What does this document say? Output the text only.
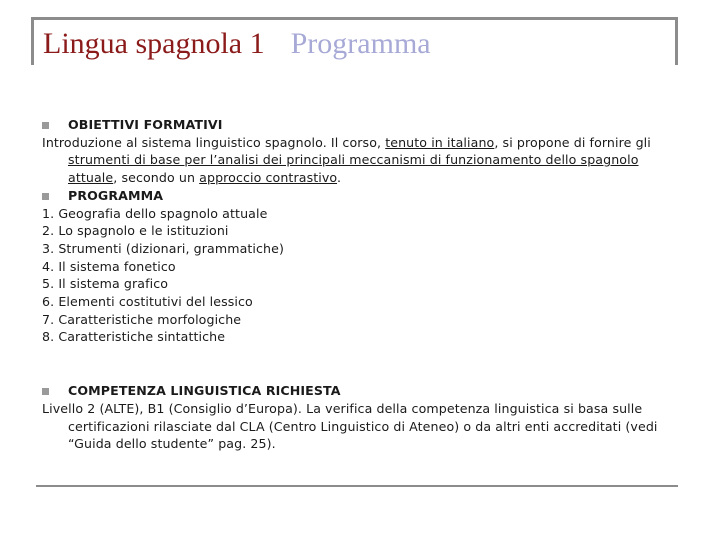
Lingua spagnola 1 Programma
OBIETTIVI FORMATIVI
Introduzione al sistema linguistico spagnolo. Il corso, tenuto in italiano, si propone di fornire gli strumenti di base per l’analisi dei principali meccanismi di funzionamento dello spagnolo attuale, secondo un approccio contrastivo.
PROGRAMMA
1. Geografia dello spagnolo attuale
2. Lo spagnolo e le istituzioni
3. Strumenti (dizionari, grammatiche)
4. Il sistema fonetico
5. Il sistema grafico
6. Elementi costitutivi del lessico
7. Caratteristiche morfologiche
8. Caratteristiche sintattiche
COMPETENZA LINGUISTICA RICHIESTA
Livello 2 (ALTE), B1 (Consiglio d’Europa). La verifica della competenza linguistica si basa sulle certificazioni rilasciate dal CLA (Centro Linguistico di Ateneo) o da altri enti accreditati (vedi “Guida dello studente” pag. 25).
